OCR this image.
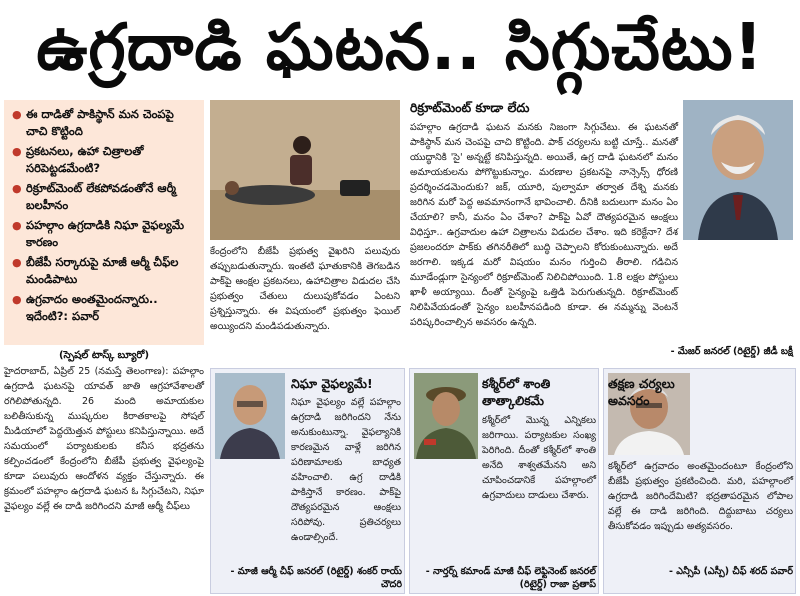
ఉగ్రదాడి ఘటన.. సిగ్గుచేటు!
● ఈ దాడితో పాకిస్థాన్ మన చెంపపై చాచి కొట్టింది
● ప్రకటనలు, ఉహా చిత్రాలతో సరిపెట్టడమేంటి?
● రిక్రూట్‌మెంట్ లేకపోవడంతోనే ఆర్మీ బలహీనం
● పహల్గాం ఉగ్రదాడికి నిఘా వైఫల్యమే కారణం
● బీజేపీ సర్కారుపై మాజీ ఆర్మీ చీఫ్‌ల మండిపాటు
● ఉగ్రవాదం అంతమైందన్నారు.. ఇదేంటి?: పవార్
(స్పెషల్ టాస్క్ బ్యూరో)
హైదరాబాద్, ఏప్రిల్ 25 (నమస్తే తెలంగాణ): పహల్గాం ఉగ్రదాడి ఘటనపై యావత్ జాతి ఆగ్రహావేశాలతో రగిలిపోతున్నది. 26 మంది అమాయకుల బలితీసుకున్న ముష్కరుల కిరాతకాలపై సోషల్ మీడియాలో పెద్దయెత్తున పోస్టులు కనిపిస్తున్నాయి. అదే సమయంలో పర్యాటకులకు కనీస భద్రతను కల్పించడంలో కేంద్రంలోని బీజేపీ ప్రభుత్వ వైఫల్యంపై కూడా పలువురు ఆందోళన వ్యక్తం చేస్తున్నారు. ఈ క్రమంలో పహల్గాం ఉగ్రదాడి ఘటన ఓ సిగ్గుచేటని, నిఘా వైఫల్యం వల్లే ఈ దాడి జరిగిందని మాజీ ఆర్మీ చీఫ్‌లు
కేంద్రంలోని బీజేపీ ప్రభుత్వ వైఖరిని పలువురు తప్పుబడుతున్నారు. ఇంతటి ఘాతుకానికి తెగబడిన పాక్‌పై ఆంక్షల ప్రకటనలు, ఉహాచిత్రాల విడుదల చేసి ప్రభుత్వం చేతులు దులుపుకోవడం ఏంటని ప్రశ్నిస్తున్నారు. ఈ విషయంలో ప్రభుత్వం ఫెయిల్ అయ్యిందని మండిపడుతున్నారు.
రిక్రూట్‌మెంట్ కూడా లేదు
పహల్గాం ఉగ్రదాడి ఘటన మనకు నిజంగా సిగ్గుచేటు. ఈ ఘటనతో పాకిస్థాన్ మన చెంపపై చాచి కొట్టింది. పాక్ చర్యలను బట్టి చూస్తే.. మనతో యుద్ధానికి 'సై' అన్నట్టే కనిపిస్తున్నది. అయితే, ఉగ్ర దాడి ఘటనలో మనం అమాయకులను పోగొట్టుకున్నాం. మరణాల ప్రకటనపై నాన్సెన్స్ ధోరణి ప్రదర్శించడమెందుకు? జక్, యూరి, పుల్వామా తర్వాత దేశ్ని మనకు జరిగిన మరో పెద్ద అవమానంగానే భావించాలి. దీనికి బదులుగా మనం ఏం చేయాలి? కానీ, మనం ఏం చేశాం? పాక్‌పై ఏవో దౌత్యపరమైన ఆంక్షలు విధిస్తూ.. ఉగ్రవాదుల ఉహా చిత్రాలను విడుదల చేశాం. ఇది కరెక్టేనా? దేశ ప్రజలందరూ పాక్‌కు తగినరీతిలో బుద్ధి చెప్పాలని కోరుకుంటున్నారు. అదే జరగాలి. ఇక్కడ మరో విషయం మనం గుర్తించి తీరాలి. గడిచిన మూడేండ్లుగా సైన్యంలో రిక్రూట్‌మెంట్ నిలిచిపోయింది. 1.8 లక్షల పోస్టులు ఖాళీ అయ్యాయి. దీంతో సైన్యంపై ఒత్తిడి పెరుగుతున్నది. రిక్రూట్‌మెంట్ నిలిపివేయడంతో సైన్యం బలహీనపడింది కూడా. ఈ నమ్మన్ను వెంటనే పరిష్కరించాల్సిన అవసరం ఉన్నది.
- మేజర్ జనరల్ (రిటైర్డ్) జీడీ బక్షీ
నిఘా వైఫల్యమే!
నిఘా వైఫల్యం వల్లే పహల్గాం ఉగ్రదాడి జరిగిందని నేను అనుకుంటున్నా. వైఫల్యానికి కారణమైన వాళ్లే జరిగిన పరిణామాలకు బాధ్యత వహించాలి. ఉగ్ర దాడికి పాకిస్తానే కారణం. పాక్‌పై దౌత్యపరమైన ఆంక్షలు సరిపోవు. ప్రతిచర్యలు ఉండాల్సిందే.
- మాజీ ఆర్మీ చీఫ్ జనరల్ (రిటైర్డ్) శంకర్ రాయ్ చౌదరి
కశ్మీర్‌లో శాంతి తాత్కాలికమే
కశ్మీర్‌లో మొన్న ఎన్నికలు జరిగాయి. పర్యాటకుల సంఖ్య పెరిగింది. దీంతో కశ్మీర్‌లో శాంతి అనేది శాశ్వతమేనని అని చూపించడానికే పహల్గాంలో ఉగ్రవాదులు దాడులు చేశారు.
- నార్తర్న్ కమాండ్ మాజీ చీఫ్ లెఫ్టినెంట్ జనరల్ (రిటైర్డ్) రాజా ప్రతాప్
తక్షణ చర్యలు అవసరం
కశ్మీర్‌లో ఉగ్రవాదం అంతమైందంటూ కేంద్రంలోని బీజేపీ ప్రభుత్వం ప్రకటించింది. మరి, పహల్గాంలో ఉగ్రదాడి జరిగిందేమిటి? భద్రతాపరమైన లోపాల వల్లే ఈ దాడి జరిగింది. దిద్దుబాటు చర్యలు తీసుకోవడం ఇప్పుడు అత్యవసరం.
- ఎన్సీపీ (ఎస్పీ) చీఫ్ శరద్ పవార్
